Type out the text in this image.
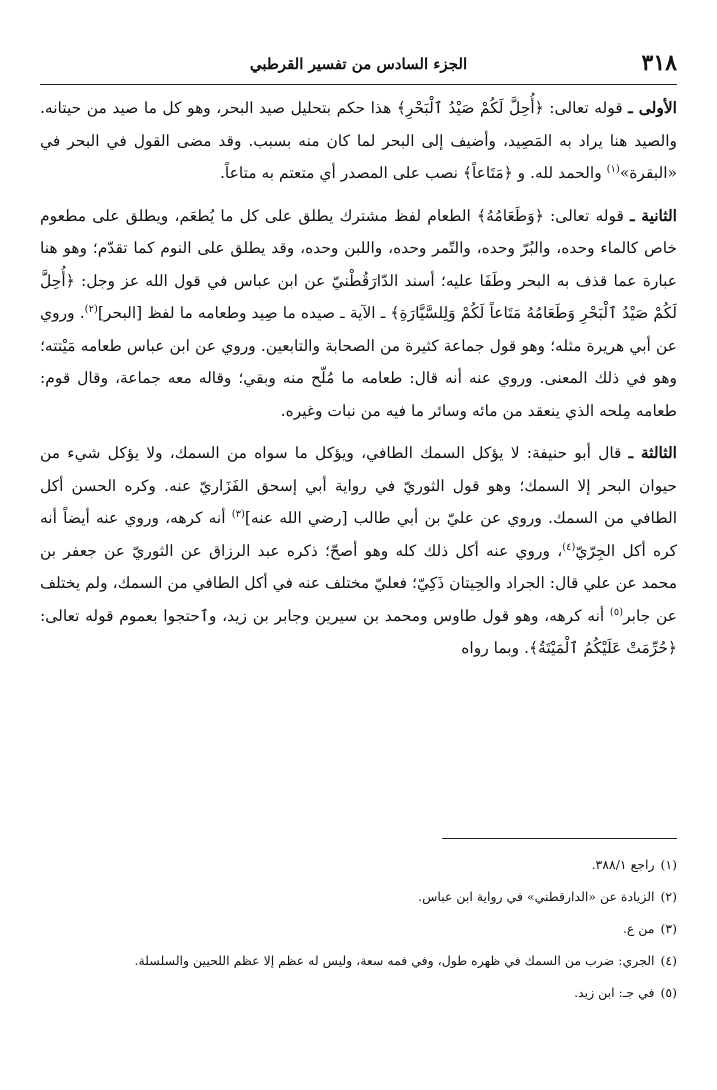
٣١٨
الجزء السادس من تفسير القرطبي

الأولى ـ قوله تعالى: ﴿أُحِلَّ لَكُمْ صَيْدُ ٱلْبَحْرِ﴾ هذا حكم بتحليل صيد البحر، وهو كل ما صيد من حيتانه. والصيد هنا يراد به المَصِيد، وأضيف إلى البحر لما كان منه بسبب. وقد مضى القول في البحر في «البقرة»$^{(١)}$ والحمد لله. و ﴿مَتَاعاً﴾ نصب على المصدر أي متعتم به متاعاً.

الثانية ـ قوله تعالى: ﴿وَطَعَامُهُ﴾ الطعام لفظ مشترك يطلق على كل ما يُطعَم، ويطلق على مطعوم خاص كالماء وحده، والبُرّ وحده، والتّمر وحده، واللبن وحده، وقد يطلق على النوم كما تقدّم؛ وهو هنا عبارة عما قذف به البحر وطَفَا عليه؛ أسند الدّارَقُطْنيّ عن ابن عباس في قول الله عز وجل: ﴿أُحِلَّ لَكُمْ صَيْدُ ٱلْبَحْرِ وَطَعَامُهُ مَتَاعاً لَكُمْ وَلِلسَّيَّارَةِ﴾ ـ الآية ـ صيده ما صِيد وطعامه ما لفظ [البحر]$^{(٢)}$. وروي عن أبي هريرة مثله؛ وهو قول جماعة كثيرة من الصحابة والتابعين. وروي عن ابن عباس طعامه مَيْتته؛ وهو في ذلك المعنى. وروي عنه أنه قال: طعامه ما مُلّح منه وبقي؛ وقاله معه جماعة، وقال قوم: طعامه مِلحه الذي ينعقد من مائه وسائر ما فيه من نبات وغيره.

الثالثة ـ قال أبو حنيفة: لا يؤكل السمك الطافي، ويؤكل ما سواه من السمك، ولا يؤكل شيء من حيوان البحر إلا السمك؛ وهو قول الثوريّ في رواية أبي إسحق الفَزَاريّ عنه. وكره الحسن أكل الطافي من السمك. وروي عن عليّ بن أبي طالب [رضي الله عنه]$^{(٣)}$ أنه كرهه، وروي عنه أيضاً أنه كره أكل الجِرّيّ$^{(٤)}$، وروي عنه أكل ذلك كله وهو أصحّ؛ ذكره عبد الرزاق عن الثوريّ عن جعفر بن محمد عن علي قال: الجراد والحِيتان ذَكِيّ؛ فعليّ مختلف عنه في أكل الطافي من السمك، ولم يختلف عن جابر$^{(٥)}$ أنه كرهه، وهو قول طاوس ومحمد بن سيرين وجابر بن زيد، وٱحتجوا بعموم قوله تعالى: ﴿حُرِّمَتْ عَلَيْكُمُ ٱلْمَيْتَةُ﴾. وبما رواه

(١)راجع ٣٨٨/١.

(٢)الزيادة عن «الدارقطني» في رواية ابن عباس.

(٣)من ع.

(٤)الجري: ضرب من السمك في ظهره طول، وفي فمه سعة، وليس له عظم إلا عظم اللحيين والسلسلة.

(٥)في جـ: ابن زيد.
